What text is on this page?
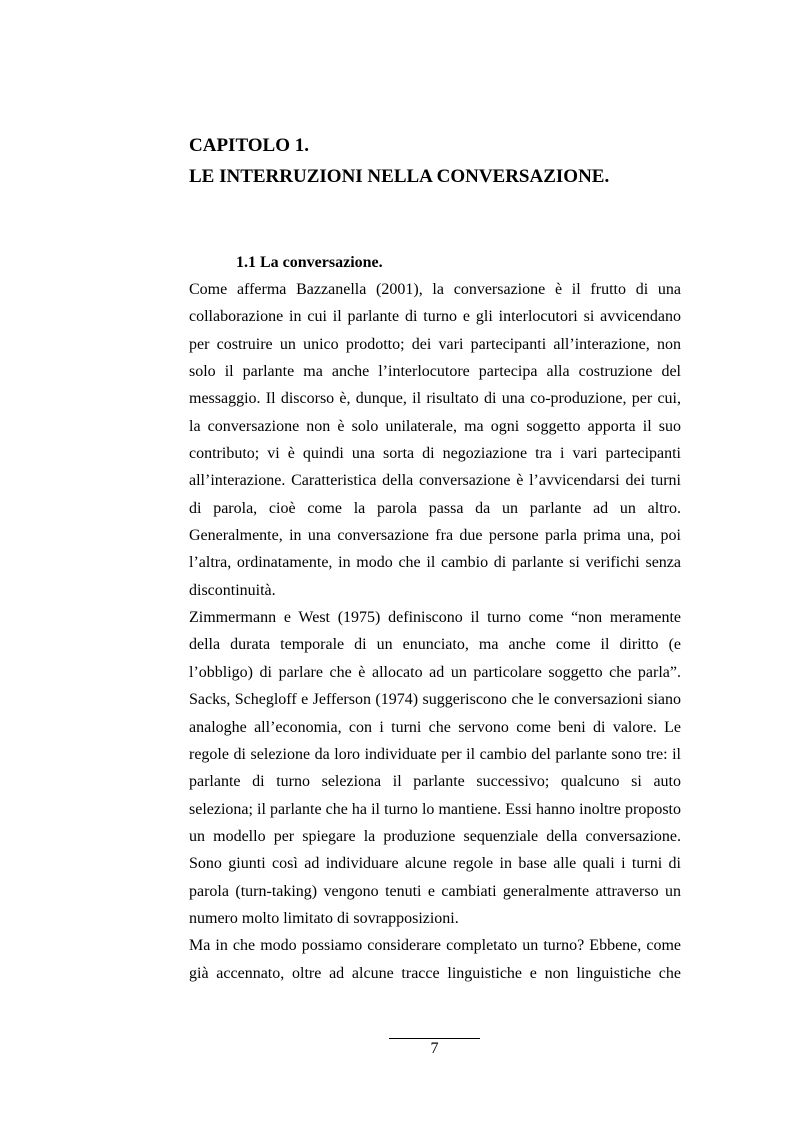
CAPITOLO 1.
LE INTERRUZIONI NELLA CONVERSAZIONE.
1.1 La conversazione.
Come afferma Bazzanella (2001), la conversazione è il frutto di una
collaborazione in cui il parlante di turno e gli interlocutori si avvicendano
per costruire un unico prodotto; dei vari partecipanti all’interazione, non
solo il parlante ma anche l’interlocutore partecipa alla costruzione del
messaggio. Il discorso è, dunque, il risultato di una co-produzione, per cui,
la conversazione non è solo unilaterale, ma ogni soggetto apporta il suo
contributo; vi è quindi una sorta di negoziazione tra i vari partecipanti
all’interazione. Caratteristica della conversazione è l’avvicendarsi dei turni
di parola, cioè come la parola passa da un parlante ad un altro.
Generalmente, in una conversazione fra due persone parla prima una, poi
l’altra, ordinatamente, in modo che il cambio di parlante si verifichi senza
discontinuità.
Zimmermann e West (1975) definiscono il turno come “non meramente
della durata temporale di un enunciato, ma anche come il diritto (e
l’obbligo) di parlare che è allocato ad un particolare soggetto che parla”.
Sacks, Schegloff e Jefferson (1974) suggeriscono che le conversazioni siano
analoghe all’economia, con i turni che servono come beni di valore. Le
regole di selezione da loro individuate per il cambio del parlante sono tre: il
parlante di turno seleziona il parlante successivo; qualcuno si auto
seleziona; il parlante che ha il turno lo mantiene. Essi hanno inoltre proposto
un modello per spiegare la produzione sequenziale della conversazione.
Sono giunti così ad individuare alcune regole in base alle quali i turni di
parola (turn-taking) vengono tenuti e cambiati generalmente attraverso un
numero molto limitato di sovrapposizioni.
Ma in che modo possiamo considerare completato un turno? Ebbene, come
già accennato, oltre ad alcune tracce linguistiche e non linguistiche che
7
